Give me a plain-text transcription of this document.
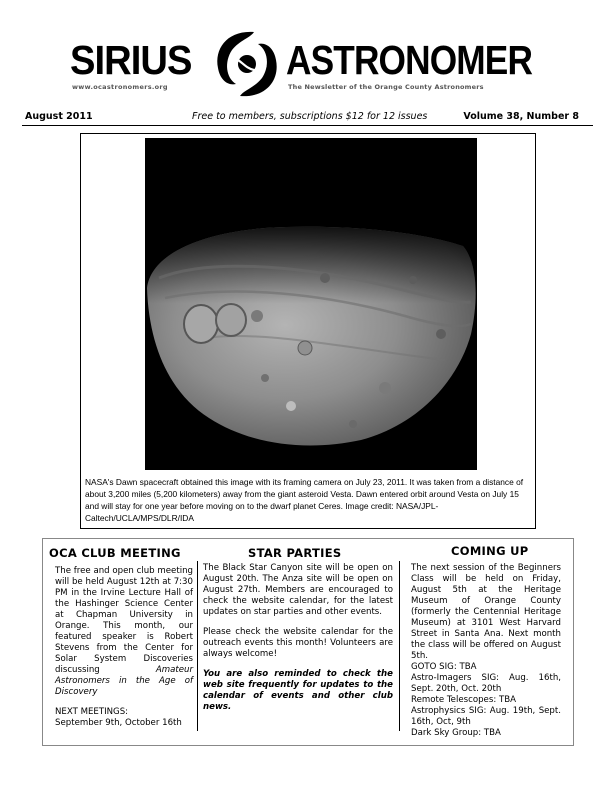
SIRIUS ASTRONOMER
www.ocastronomers.org	The Newsletter of the Orange County Astronomers
August 2011	Free to members, subscriptions $12 for 12 issues	Volume 38, Number 8
NASA's Dawn spacecraft obtained this image with its framing camera on July 23, 2011. It was taken from a distance of about 3,200 miles (5,200 kilometers) away from the giant asteroid Vesta. Dawn entered orbit around Vesta on July 15 and will stay for one year before moving on to the dwarf planet Ceres. Image credit: NASA/JPL-Caltech/UCLA/MPS/DLR/IDA
OCA CLUB MEETING

The free and open club meeting will be held August 12th at 7:30 PM in the Irvine Lecture Hall of the Hashinger Science Center at Chapman University in Orange. This month, our featured speaker is Robert Stevens from the Center for Solar System Discoveries discussing	Amateur Astronomers in the Age of Discovery

NEXT MEETINGS:

September 9th, October 16th

STAR PARTIES

The Black Star Canyon site will be open on August 20th. The Anza site will be open on August 27th. Members are encouraged to check the website calendar, for the latest updates on star parties and other events.

Please check the website calendar for the outreach events this month! Volunteers are always welcome!

You are also reminded to check the web site frequently for updates to the calendar of events and other club news.

COMING UP

The next session of the Beginners Class will be held on Friday, August 5th at the Heritage Museum of Orange County (formerly the Centennial Heritage Museum) at 3101 West Harvard Street in Santa Ana. Next month the class will be offered on August 5th.

GOTO SIG: TBA

Astro-Imagers SIG: Aug. 16th, Sept. 20th, Oct. 20th

Remote Telescopes: TBA

Astrophysics SIG: Aug. 19th, Sept. 16th, Oct, 9th

Dark Sky Group: TBA
